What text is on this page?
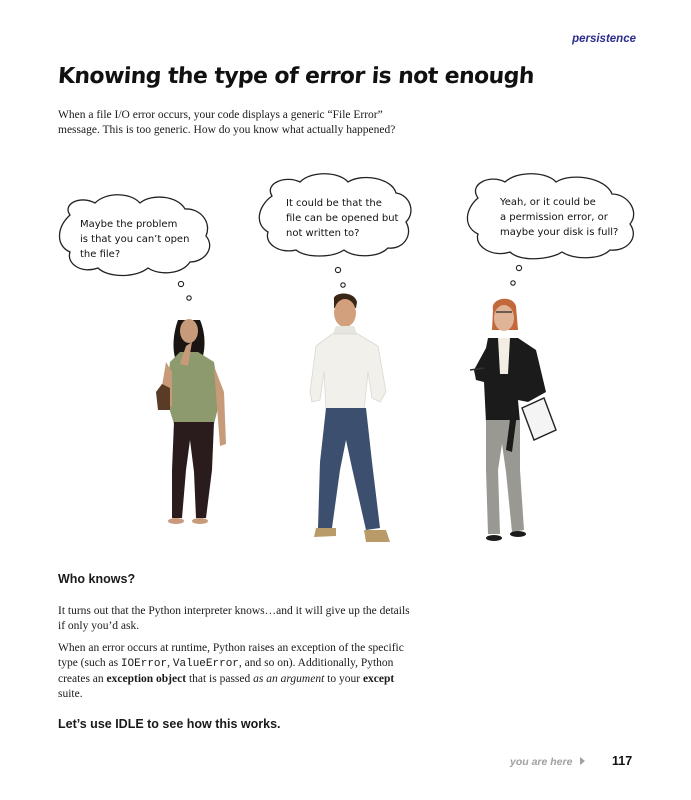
persistence
Knowing the type of error is not enough
When a file I/O error occurs, your code displays a generic “File Error”
message. This is too generic. How do you know what actually happened?
Maybe the problem
is that you can’t open
the file?
It could be that the
file can be opened but
not written to?
Yeah, or it could be
a permission error, or
maybe your disk is full?
Who knows?
It turns out that the Python interpreter knows…and it will give up the details
if only you’d ask.
When an error occurs at runtime, Python raises an exception of the specific
type (such as IOError, ValueError, and so on). Additionally, Python
creates an exception object that is passed as an argument to your except
suite.
Let’s use IDLE to see how this works.
you are here	117
